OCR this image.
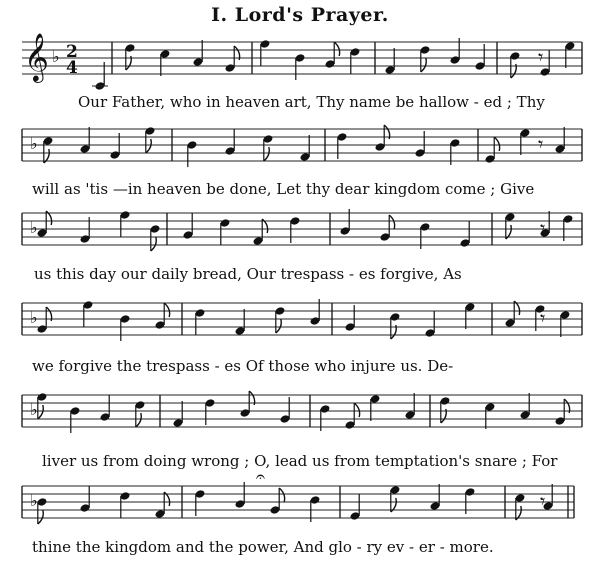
I. Lord's Prayer.
𝄞 ♭ 2
4	𝄾
♭	𝄾
♭	𝄾
♭	𝄾
♭
♭	𝄾
𝄐
Our Father, who in heaven art, Thy name be hallow - ed ; Thy
will as 'tis —in heaven be done, Let thy dear kingdom come ; Give
us this day our daily bread, Our trespass - es forgive, As
we forgive the trespass - es Of those who injure us. De-
liver us from doing wrong ; O, lead us from temptation's snare ; For
thine the kingdom and the power, And glo - ry ev - er - more.
